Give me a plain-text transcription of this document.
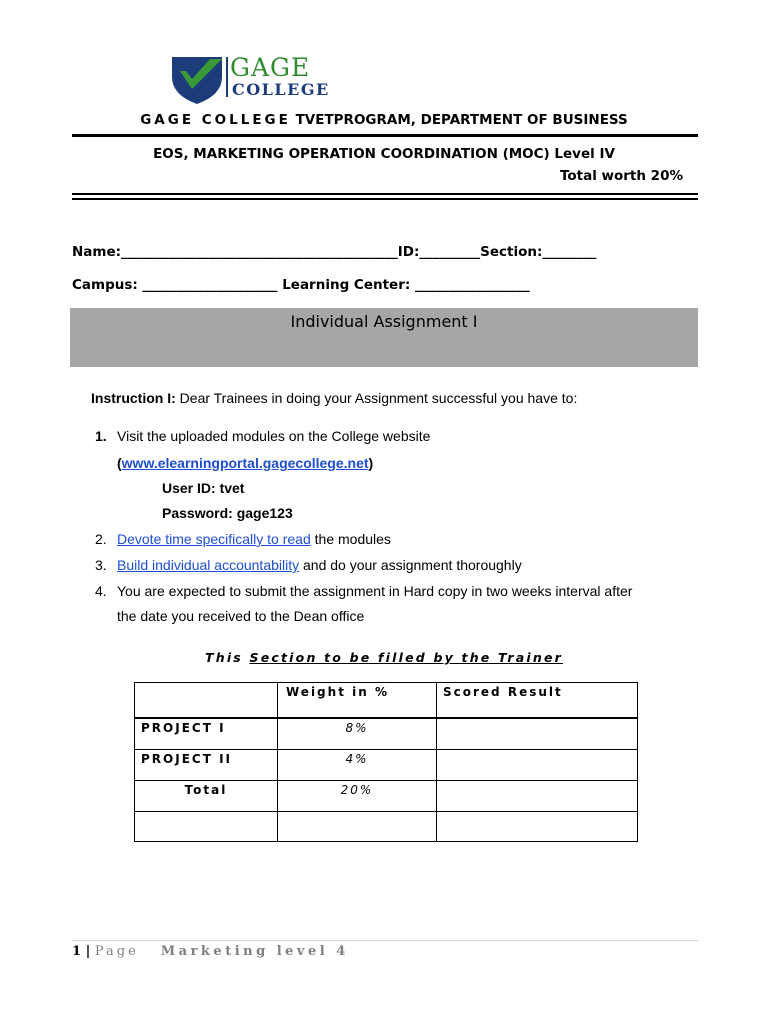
GAGE
COLLEGE
GAGE COLLEGE TVETPROGRAM, DEPARTMENT OF BUSINESS
EOS, MARKETING OPERATION COORDINATION (MOC) Level IV
Total worth 20%
Name:_________________________________________ID:_________Section:________
Campus: ____________________ Learning Center: _________________
Individual Assignment I
Instruction I: Dear Trainees in doing your Assignment successful you have to:
1. Visit the uploaded modules on the College website
(www.elearningportal.gagecollege.net)
User ID: tvet
Password: gage123
2. Devote time specifically to read the modules
3. Build individual accountability and do your assignment thoroughly
4. You are expected to submit the assignment in Hard copy in two weeks interval after
the date you received to the Dean office
This Section to be filled by the Trainer
	Weight in %	Scored Result
PROJECT I	8%	
PROJECT II	4%	
Total	20%	

1 | Page Marketing level 4
